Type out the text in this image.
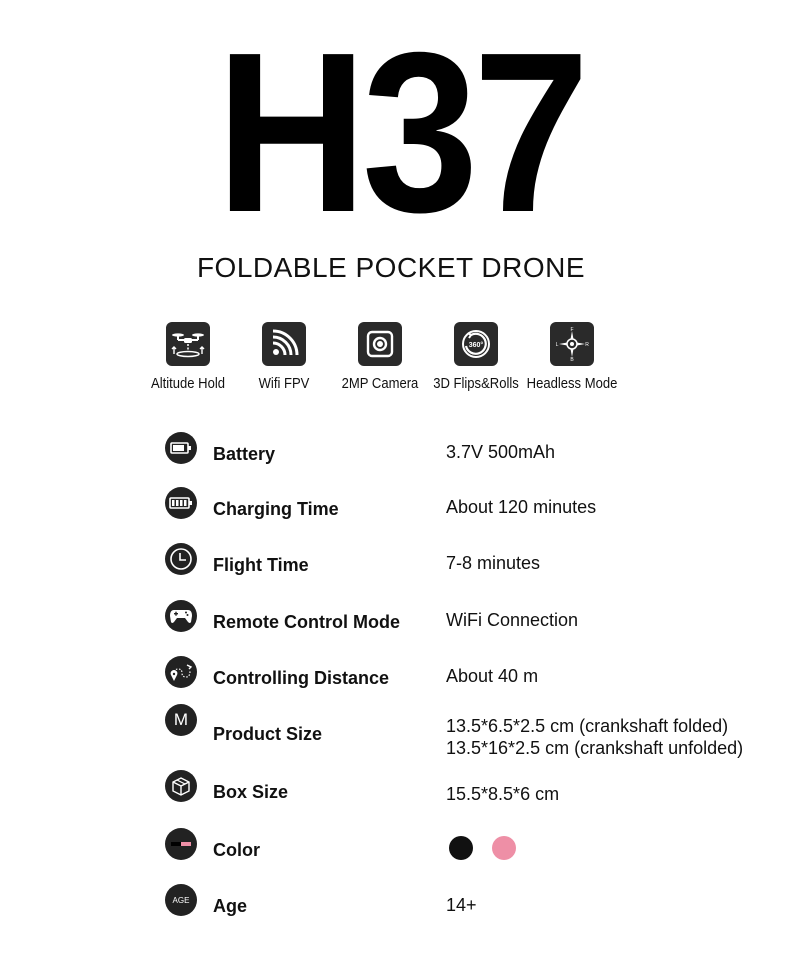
H37
FOLDABLE POCKET DRONE
Altitude Hold	Wifi FPV	2MP Camera
360°
3D Flips&Rolls
F
B
L	R
Headless Mode
Battery	3.7V 500mAh
Charging Time	About 120 minutes
Flight Time	7-8 minutes
Remote Control Mode	WiFi Connection
Controlling Distance	About 40 m
M
Product Size	13.5*6.5*2.5 cm (crankshaft folded)
13.5*16*2.5 cm (crankshaft unfolded)
Box Size	15.5*8.5*6 cm
Color
AGE Age	14+
